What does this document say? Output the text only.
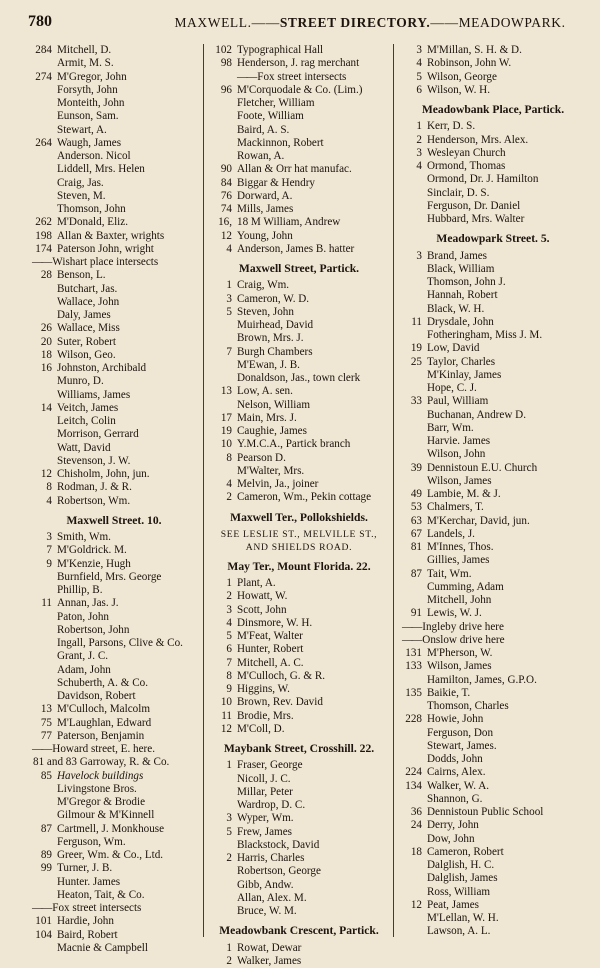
780	MAXWELL.——STREET DIRECTORY.——MEADOWPARK.
284 Mitchell, D.
Armit, M. S.
274 M'Gregor, John
Forsyth, John
Monteith, John
Eunson, Sam.
Stewart, A.
264 Waugh, James
Anderson. Nicol
Liddell, Mrs. Helen
Craig, Jas.
Steven, M.
Thomson, John
262 M'Donald, Eliz.
198 Allan & Baxter, wrights
174 Paterson John, wright
—— Wishart place intersects
28 Benson, L.
Butchart, Jas.
Wallace, John
Daly, James
26 Wallace, Miss
20 Suter, Robert
18 Wilson, Geo.
16 Johnston, Archibald
Munro, D.
Williams, James
14 Veitch, James
Leitch, Colin
Morrison, Gerrard
Watt, David
Stevenson, J. W.
12 Chisholm, John, jun.
8 Rodman, J. & R.
4 Robertson, Wm.
Maxwell Street. 10.
3 Smith, Wm.
7 M'Goldrick. M.
9 M'Kenzie, Hugh
Burnfield, Mrs. George
Phillip, B.
11 Annan, Jas. J.
Paton, John
Robertson, John
Ingall, Parsons, Clive & Co.
Grant, J. C.
Adam, John
Schuberth, A. & Co.
Davidson, Robert
13 M'Culloch, Malcolm
75 M'Laughlan, Edward
77 Paterson, Benjamin
—— Howard street, E. here.
81 and 83 Garroway, R. & Co.
85 Havelock buildings
Livingstone Bros.
M'Gregor & Brodie
Gilmour & M'Kinnell
87 Cartmell, J. Monkhouse
Ferguson, Wm.
89 Greer, Wm. & Co., Ltd.
99 Turner, J. B.
Hunter. James
Heaton, Tait, & Co.
—— Fox street intersects
101 Hardie, John
104 Baird, Robert
Macnie & Campbell
102 Typographical Hall
98 Henderson, J. rag merchant
—— Fox street intersects
96 M'Corquodale & Co. (Lim.)
Fletcher, William
Foote, William
Baird, A. S.
Mackinnon, Robert
Rowan, A.
90 Allan & Orr hat manufac.
84 Biggar & Hendry
76 Dorward, A.
74 Mills, James
16, 18 M William, Andrew
12 Young, John
4 Anderson, James B. hatter
Maxwell Street, Partick.
1 Craig, Wm.
3 Cameron, W. D.
5 Steven, John
Muirhead, David
Brown, Mrs. J.
7 Burgh Chambers
M'Ewan, J. B.
Donaldson, Jas., town clerk
13 Low, A. sen.
Nelson, William
17 Main, Mrs. J.
19 Caughie, James
10 Y.M.C.A., Partick branch
8 Pearson D.
M'Walter, Mrs.
4 Melvin, Ja., joiner
2 Cameron, Wm., Pekin cottage
Maxwell Ter., Pollokshields.
SEE LESLIE ST., MELVILLE ST.,
AND SHIELDS ROAD.
May Ter., Mount Florida. 22.
1 Plant, A.
2 Howatt, W.
3 Scott, John
4 Dinsmore, W. H.
5 M'Feat, Walter
6 Hunter, Robert
7 Mitchell, A. C.
8 M'Culloch, G. & R.
9 Higgins, W.
10 Brown, Rev. David
11 Brodie, Mrs.
12 M'Coll, D.
Maybank Street, Crosshill. 22.
1 Fraser, George
Nicoll, J. C.
Millar, Peter
Wardrop, D. C.
3 Wyper, Wm.
5 Frew, James
Blackstock, David
2 Harris, Charles
Robertson, George
Gibb, Andw.
Allan, Alex. M.
Bruce, W. M.
Meadowbank Crescent, Partick.
1 Rowat, Dewar
2 Walker, James
3 M'Millan, S. H. & D.
4 Robinson, John W.
5 Wilson, George
6 Wilson, W. H.
Meadowbank Place, Partick.
1 Kerr, D. S.
2 Henderson, Mrs. Alex.
3 Wesleyan Church
4 Ormond, Thomas
Ormond, Dr. J. Hamilton
Sinclair, D. S.
Ferguson, Dr. Daniel
Hubbard, Mrs. Walter
Meadowpark Street. 5.
3 Brand, James
Black, William
Thomson, John J.
Hannah, Robert
Black, W. H.
11 Drysdale, John
Fotheringham, Miss J. M.
19 Low, David
25 Taylor, Charles
M'Kinlay, James
Hope, C. J.
33 Paul, William
Buchanan, Andrew D.
Barr, Wm.
Harvie. James
Wilson, John
39 Dennistoun E.U. Church
Wilson, James
49 Lambie, M. & J.
53 Chalmers, T.
63 M'Kerchar, David, jun.
67 Landels, J.
81 M'Innes, Thos.
Gillies, James
87 Tait, Wm.
Cumming, Adam
Mitchell, John
91 Lewis, W. J.
—— Ingleby drive here
—— Onslow drive here
131 M'Pherson, W.
133 Wilson, James
Hamilton, James, G.P.O.
135 Baikie, T.
Thomson, Charles
228 Howie, John
Ferguson, Don
Stewart, James.
Dodds, John
224 Cairns, Alex.
134 Walker, W. A.
Shannon, G.
36 Dennistoun Public School
24 Derry, John
Dow, John
18 Cameron, Robert
Dalglish, H. C.
Dalglish, James
Ross, William
12 Peat, James
M'Lellan, W. H.
Lawson, A. L.
